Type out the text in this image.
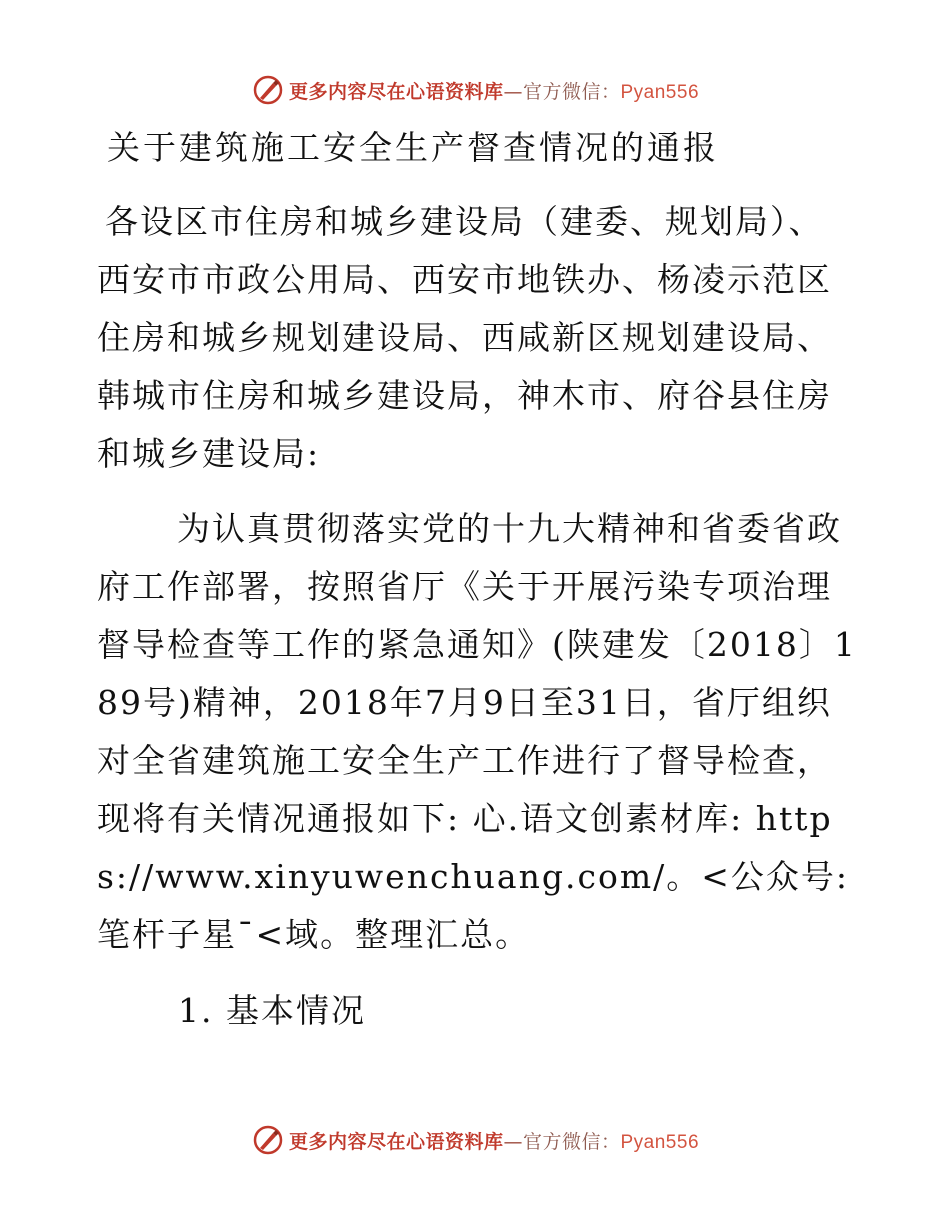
更多内容尽在心语资料库—官方微信：Pyan556
关于建筑施工安全生产督查情况的通报

各设区市住房和城乡建设局（建委、规划局）、西安市市政公用局、西安市地铁办、杨凌示范区住房和城乡规划建设局、西咸新区规划建设局、韩城市住房和城乡建设局，神木市、府谷县住房和城乡建设局:

为认真贯彻落实党的十九大精神和省委省政府工作部署，按照省厅《关于开展污染专项治理督导检查等工作的紧急通知》(陕建发〔2018〕189号)精神，2018年7月9日至31日，省厅组织对全省建筑施工安全生产工作进行了督导检查，现将有关情况通报如下: 心.语文创素材库: https://www.xinyuwenchuang.com/。<公众号: 笔杆子星¯<域。整理汇总。

1. 基本情况
更多内容尽在心语资料库—官方微信：Pyan556
